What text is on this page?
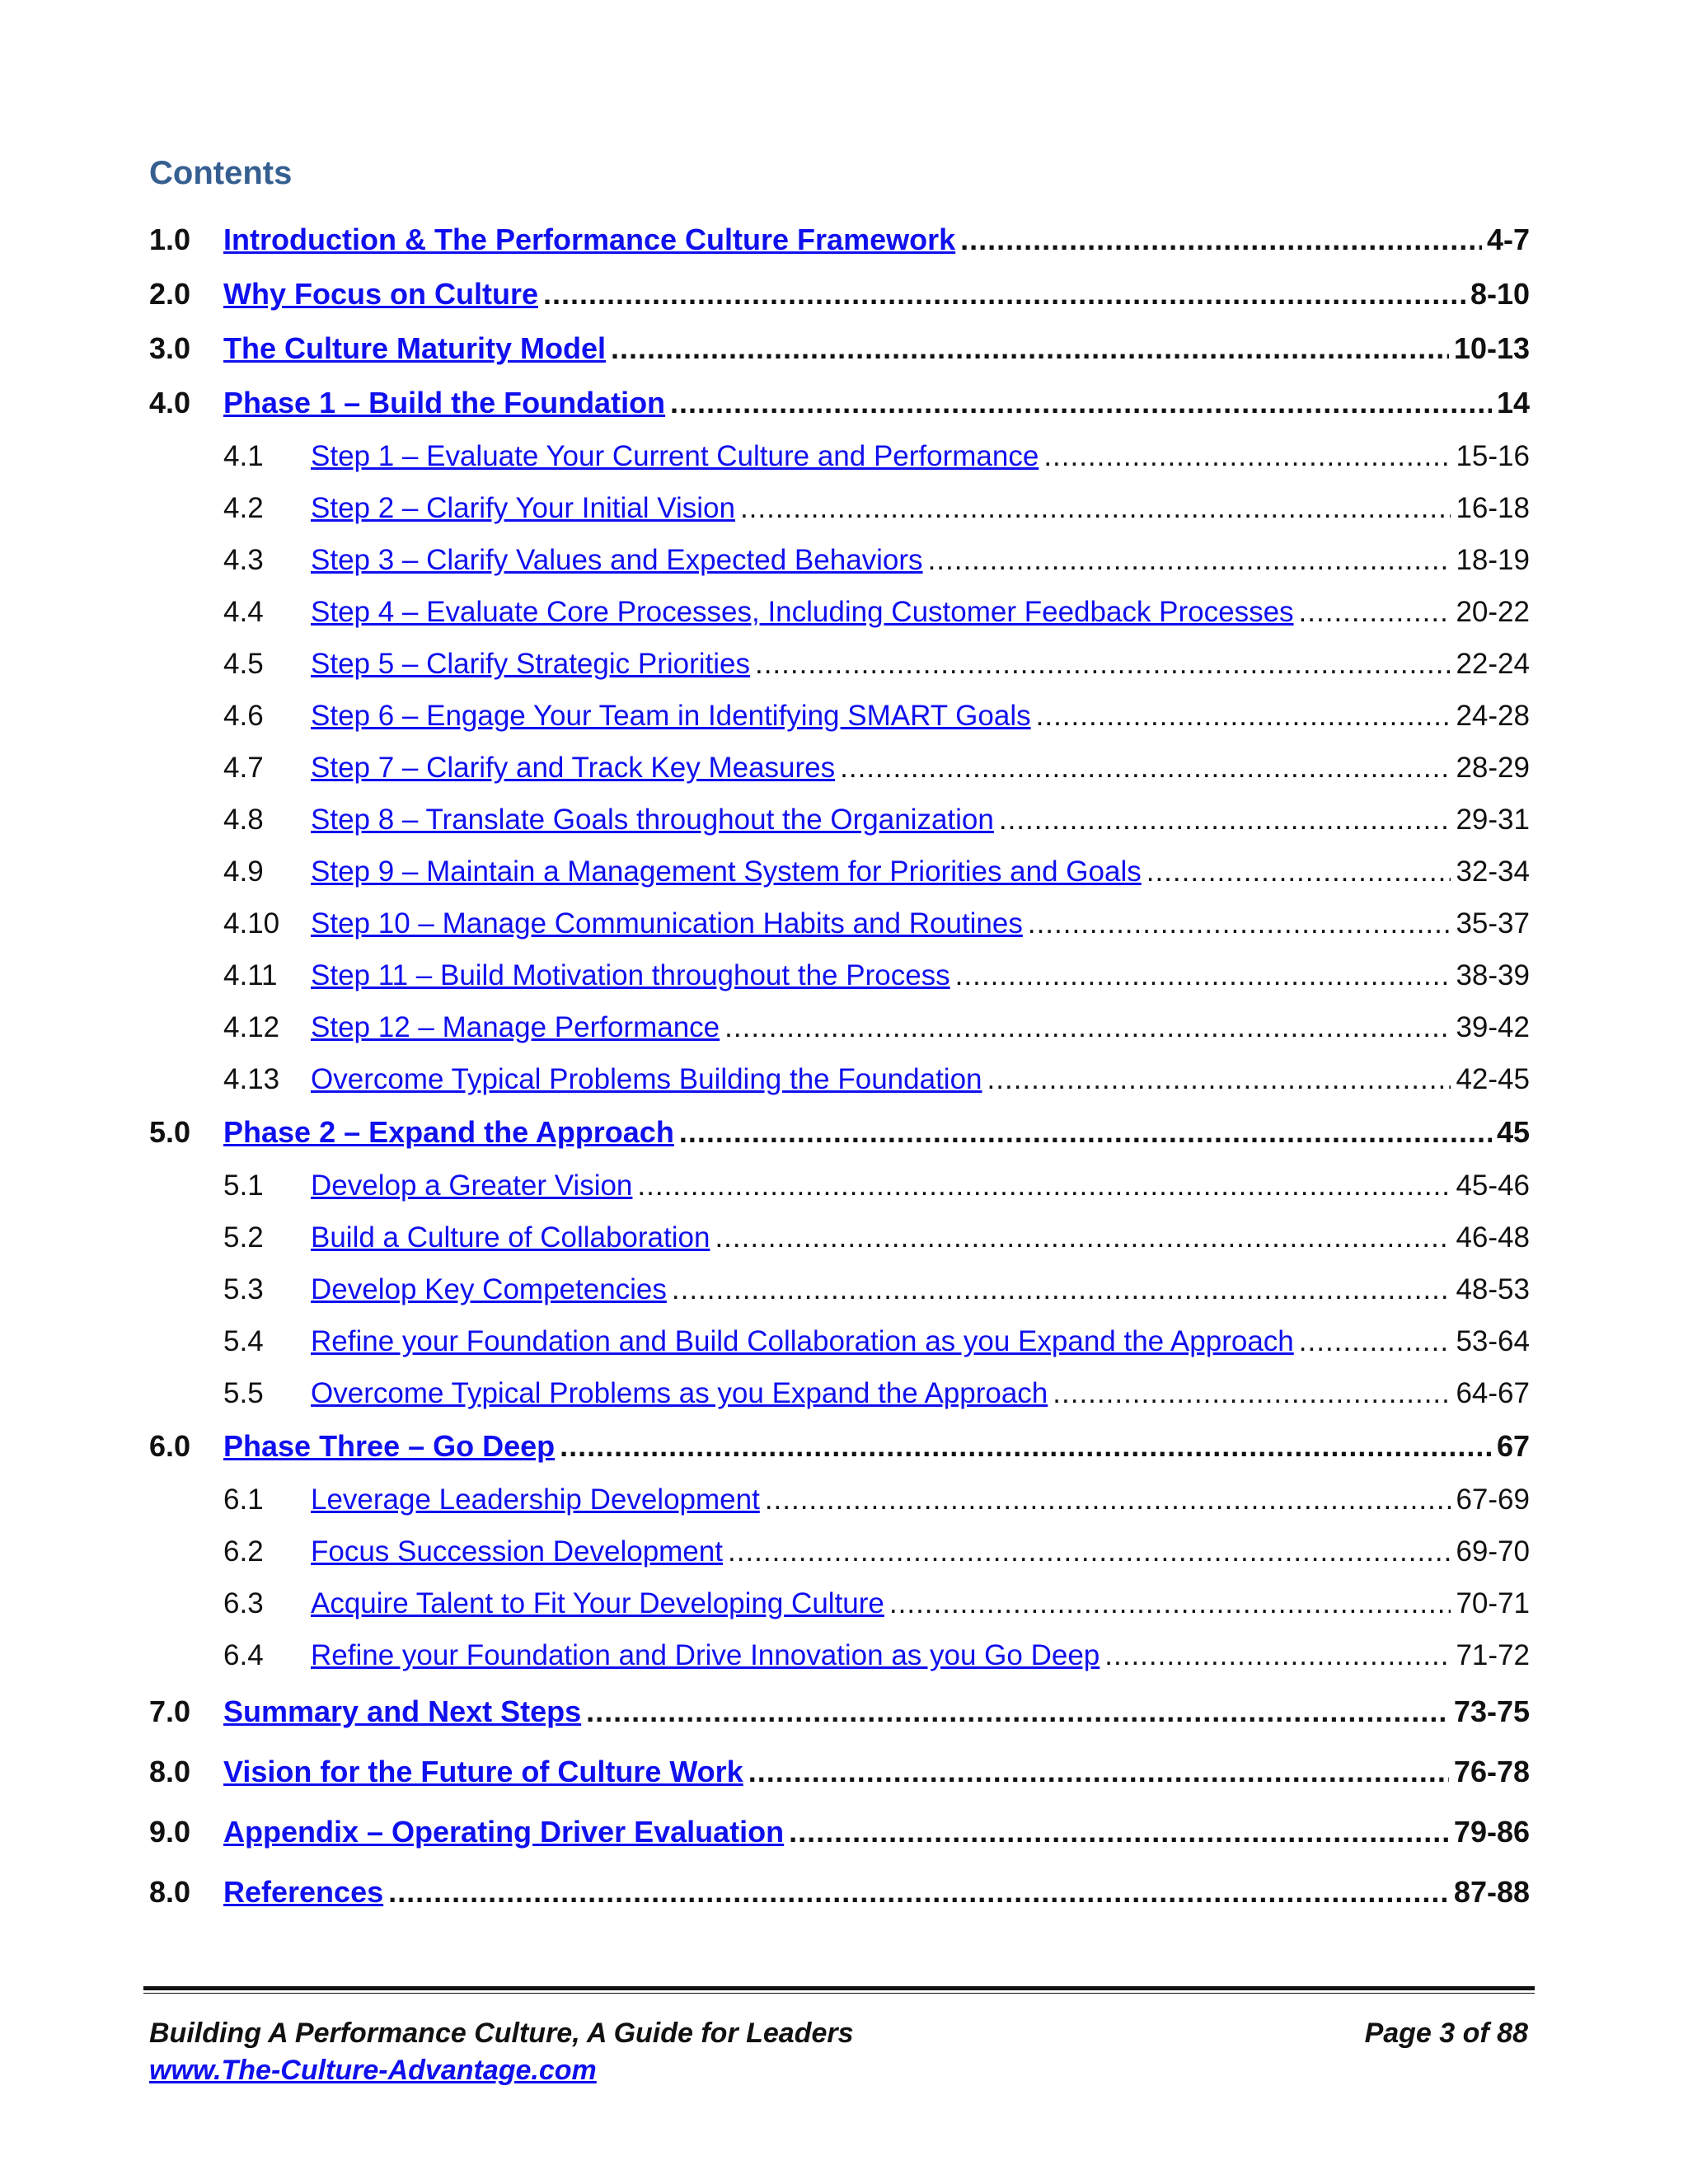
Contents
1.0	Introduction & The Performance Culture Framework .....	4-7
2.0	Why Focus on Culture .....	8-10
3.0	The Culture Maturity Model .....	10-13
4.0	Phase 1 – Build the Foundation .....	14
4.1	Step 1 – Evaluate Your Current Culture and Performance .....	15-16
4.2	Step 2 – Clarify Your Initial Vision .....	16-18
4.3	Step 3 – Clarify Values and Expected Behaviors .....	18-19
4.4	Step 4 – Evaluate Core Processes, Including Customer Feedback Processes .....	20-22
4.5	Step 5 – Clarify Strategic Priorities .....	22-24
4.6	Step 6 – Engage Your Team in Identifying SMART Goals .....	24-28
4.7	Step 7 – Clarify and Track Key Measures .....	28-29
4.8	Step 8 – Translate Goals throughout the Organization .....	29-31
4.9	Step 9 – Maintain a Management System for Priorities and Goals .....	32-34
4.10	Step 10 – Manage Communication Habits and Routines .....	35-37
4.11	Step 11 – Build Motivation throughout the Process .....	38-39
4.12	Step 12 – Manage Performance .....	39-42
4.13	Overcome Typical Problems Building the Foundation .....	42-45
5.0	Phase 2 – Expand the Approach .....	45
5.1	Develop a Greater Vision .....	45-46
5.2	Build a Culture of Collaboration .....	46-48
5.3	Develop Key Competencies .....	48-53
5.4	Refine your Foundation and Build Collaboration as you Expand the Approach .....	53-64
5.5	Overcome Typical Problems as you Expand the Approach .....	64-67
6.0	Phase Three – Go Deep .....	67
6.1	Leverage Leadership Development .....	67-69
6.2	Focus Succession Development .....	69-70
6.3	Acquire Talent to Fit Your Developing Culture .....	70-71
6.4	Refine your Foundation and Drive Innovation as you Go Deep .....	71-72
7.0	Summary and Next Steps .....	73-75
8.0	Vision for the Future of Culture Work .....	76-78
9.0	Appendix – Operating Driver Evaluation .....	79-86
8.0	References .....	87-88
Building A Performance Culture, A Guide for Leaders
www.The-Culture-Advantage.com
Page 3 of 88
